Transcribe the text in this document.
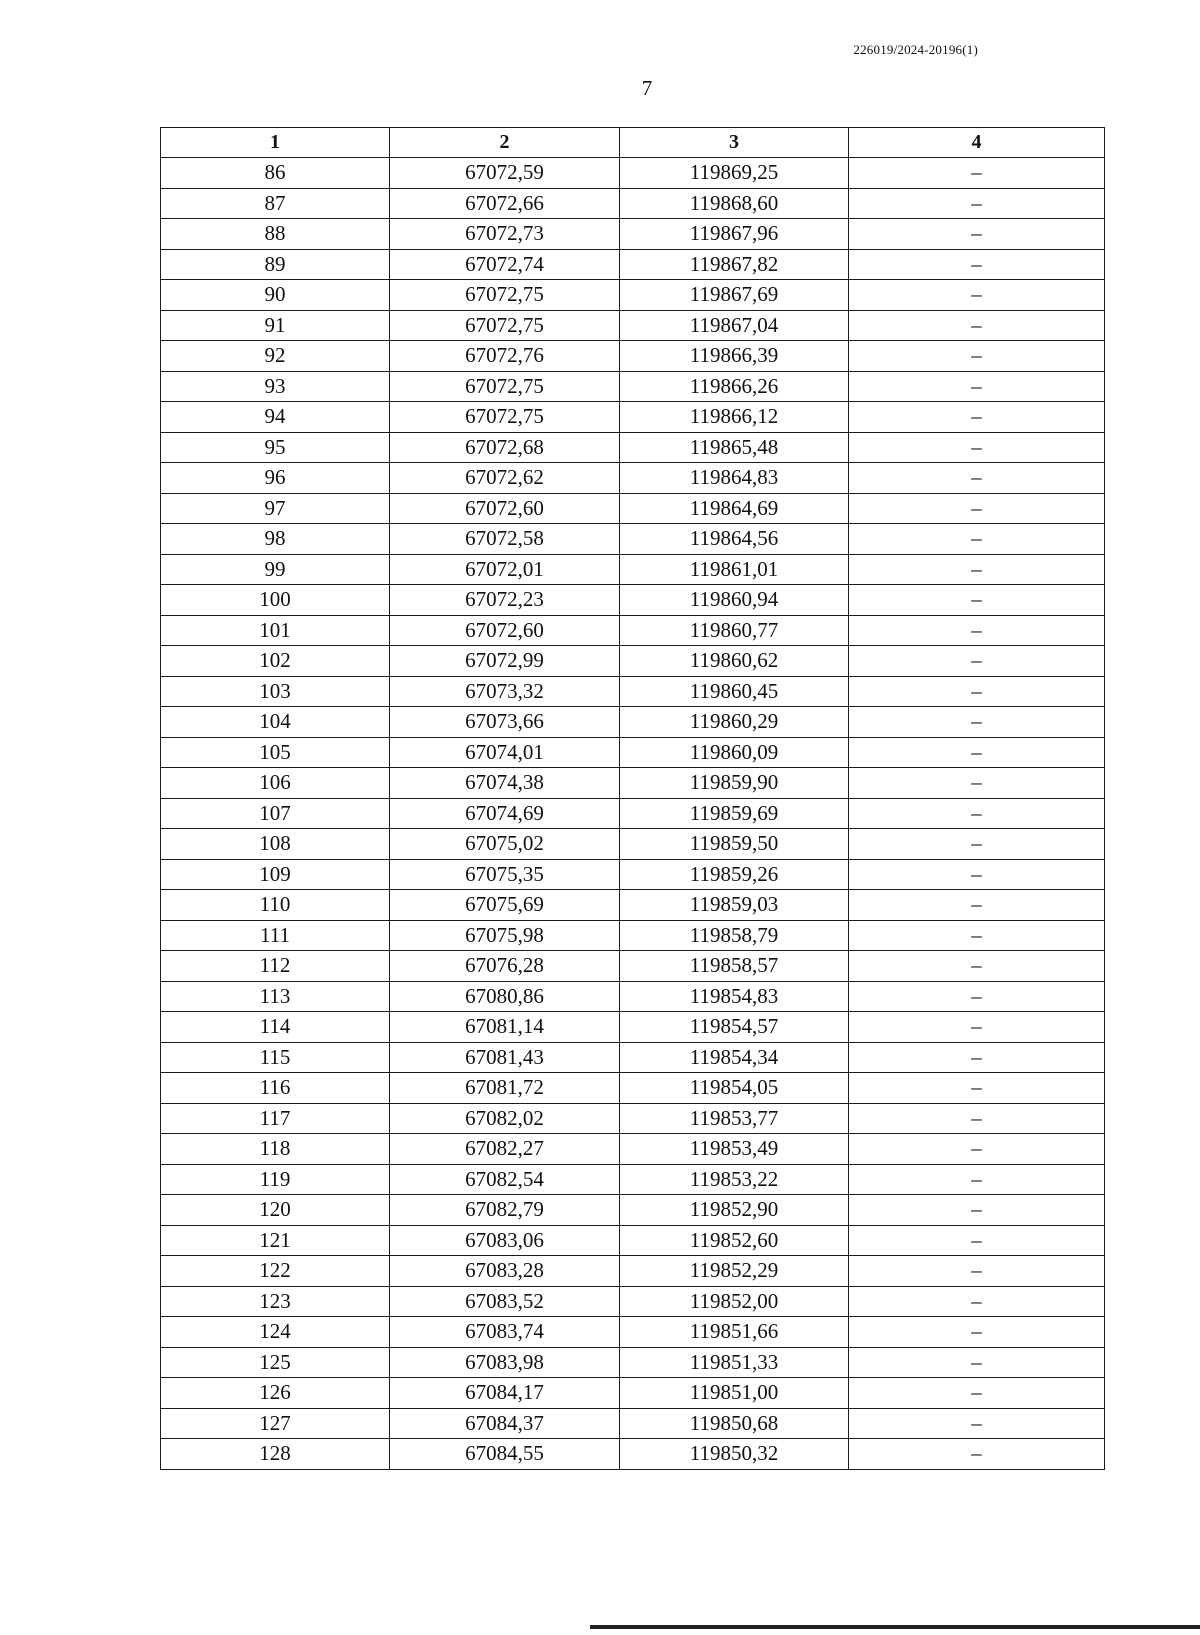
226019/2024-20196(1)
7
1	2	3	4
86	67072,59	119869,25	–
87	67072,66	119868,60	–
88	67072,73	119867,96	–
89	67072,74	119867,82	–
90	67072,75	119867,69	–
91	67072,75	119867,04	–
92	67072,76	119866,39	–
93	67072,75	119866,26	–
94	67072,75	119866,12	–
95	67072,68	119865,48	–
96	67072,62	119864,83	–
97	67072,60	119864,69	–
98	67072,58	119864,56	–
99	67072,01	119861,01	–
100	67072,23	119860,94	–
101	67072,60	119860,77	–
102	67072,99	119860,62	–
103	67073,32	119860,45	–
104	67073,66	119860,29	–
105	67074,01	119860,09	–
106	67074,38	119859,90	–
107	67074,69	119859,69	–
108	67075,02	119859,50	–
109	67075,35	119859,26	–
110	67075,69	119859,03	–
111	67075,98	119858,79	–
112	67076,28	119858,57	–
113	67080,86	119854,83	–
114	67081,14	119854,57	–
115	67081,43	119854,34	–
116	67081,72	119854,05	–
117	67082,02	119853,77	–
118	67082,27	119853,49	–
119	67082,54	119853,22	–
120	67082,79	119852,90	–
121	67083,06	119852,60	–
122	67083,28	119852,29	–
123	67083,52	119852,00	–
124	67083,74	119851,66	–
125	67083,98	119851,33	–
126	67084,17	119851,00	–
127	67084,37	119850,68	–
128	67084,55	119850,32	–
